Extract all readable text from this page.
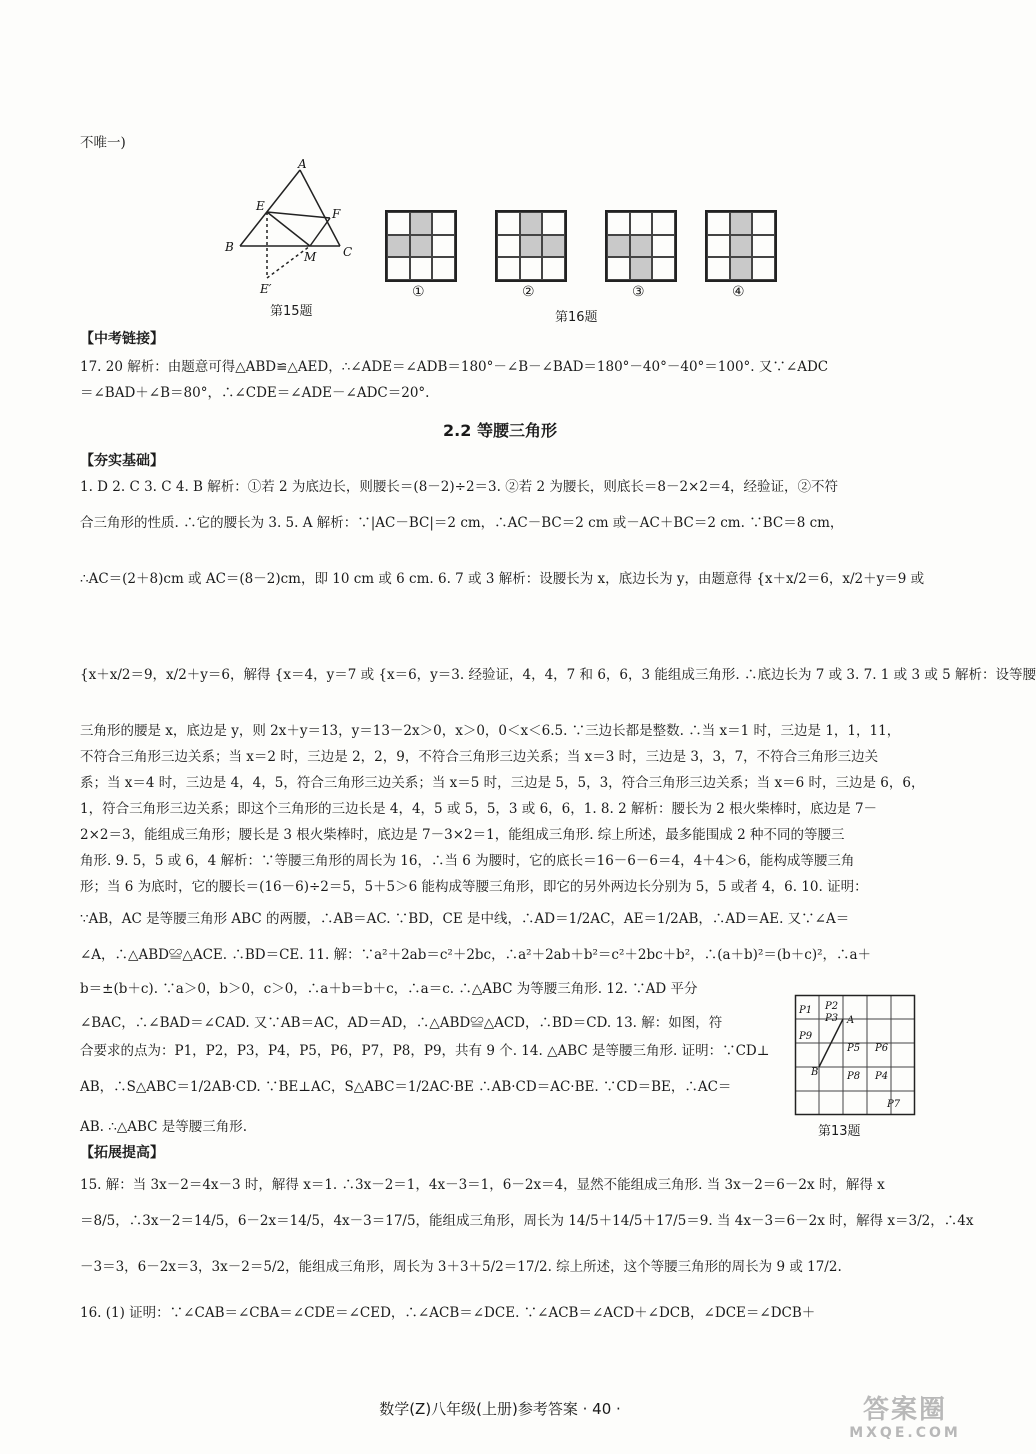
不唯一)
A
E
F
B	C
M
E′
第15题
①	②	③	④
第16题
【中考链接】
17. 20 解析：由题意可得△ABD≌△AED，∴∠ADE＝∠ADB＝180°－∠B－∠BAD＝180°－40°－40°＝100°. 又∵∠ADC
＝∠BAD＋∠B＝80°，∴∠CDE＝∠ADE－∠ADC＝20°.
2.2 等腰三角形
【夯实基础】
1. D 2. C 3. C 4. B 解析：①若 2 为底边长，则腰长＝(8－2)÷2＝3. ②若 2 为腰长，则底长＝8－2×2＝4，经验证，②不符
合三角形的性质. ∴它的腰长为 3. 5. A 解析：∵|AC－BC|＝2 cm，∴AC－BC＝2 cm 或－AC＋BC＝2 cm. ∵BC＝8 cm，
∴AC＝(2＋8)cm 或 AC＝(8－2)cm，即 10 cm 或 6 cm. 6. 7 或 3 解析：设腰长为 x，底边长为 y，由题意得 {x＋x/2＝6，x/2＋y＝9 或
{x＋x/2＝9，x/2＋y＝6，解得 {x＝4，y＝7 或 {x＝6，y＝3. 经验证，4，4，7 和 6，6，3 能组成三角形. ∴底边长为 7 或 3. 7. 1 或 3 或 5 解析：设等腰
三角形的腰是 x，底边是 y，则 2x＋y＝13，y＝13－2x＞0，x＞0，0＜x＜6.5. ∵三边长都是整数. ∴当 x＝1 时，三边是 1，1，11，
不符合三角形三边关系；当 x＝2 时，三边是 2，2，9，不符合三角形三边关系；当 x＝3 时，三边是 3，3，7，不符合三角形三边关
系；当 x＝4 时，三边是 4，4，5，符合三角形三边关系；当 x＝5 时，三边是 5，5，3，符合三角形三边关系；当 x＝6 时，三边是 6，6，
1，符合三角形三边关系；即这个三角形的三边长是 4，4，5 或 5，5，3 或 6，6，1. 8. 2 解析：腰长为 2 根火柴棒时，底边是 7－
2×2＝3，能组成三角形；腰长是 3 根火柴棒时，底边是 7－3×2＝1，能组成三角形. 综上所述，最多能围成 2 种不同的等腰三
角形. 9. 5，5 或 6，4 解析：∵等腰三角形的周长为 16，∴当 6 为腰时，它的底长＝16－6－6＝4，4＋4＞6，能构成等腰三角
形；当 6 为底时，它的腰长＝(16－6)÷2＝5，5＋5＞6 能构成等腰三角形，即它的另外两边长分别为 5，5 或者 4，6. 10. 证明：
∵AB，AC 是等腰三角形 ABC 的两腰，∴AB＝AC. ∵BD，CE 是中线，∴AD＝1/2AC，AE＝1/2AB，∴AD＝AE. 又∵∠A＝
∠A，∴△ABD≌△ACE. ∴BD＝CE. 11. 解：∵a²＋2ab＝c²＋2bc，∴a²＋2ab＋b²＝c²＋2bc＋b²，∴(a＋b)²＝(b＋c)²，∴a＋
b＝±(b＋c). ∵a＞0，b＞0，c＞0，∴a＋b＝b＋c，∴a＝c. ∴△ABC 为等腰三角形. 12. ∵AD 平分
∠BAC，∴∠BAD＝∠CAD. 又∵AB＝AC，AD＝AD，∴△ABD≌△ACD，∴BD＝CD. 13. 解：如图，符
合要求的点为：P1，P2，P3，P4，P5，P6，P7，P8，P9，共有 9 个. 14. △ABC 是等腰三角形. 证明：∵CD⊥
AB，∴S△ABC＝1/2AB·CD. ∵BE⊥AC，S△ABC＝1/2AC·BE ∴AB·CD＝AC·BE. ∵CD＝BE，∴AC＝
AB. ∴△ABC 是等腰三角形.
P1 P2
P3 A
P9
P5 P6
B	P8 P4
P7
第13题
【拓展提高】
15. 解：当 3x－2＝4x－3 时，解得 x＝1. ∴3x－2＝1，4x－3＝1，6－2x＝4，显然不能组成三角形. 当 3x－2＝6－2x 时，解得 x
＝8/5，∴3x－2＝14/5，6－2x＝14/5，4x－3＝17/5，能组成三角形，周长为 14/5＋14/5＋17/5＝9. 当 4x－3＝6－2x 时，解得 x＝3/2，∴4x
－3＝3，6－2x＝3，3x－2＝5/2，能组成三角形，周长为 3＋3＋5/2＝17/2. 综上所述，这个等腰三角形的周长为 9 或 17/2.
16. (1) 证明：∵∠CAB＝∠CBA＝∠CDE＝∠CED，∴∠ACB＝∠DCE. ∵∠ACB＝∠ACD＋∠DCB，∠DCE＝∠DCB＋
数学(Z)八年级(上册)参考答案 · 40 ·	答案圈
MXQE.COM
